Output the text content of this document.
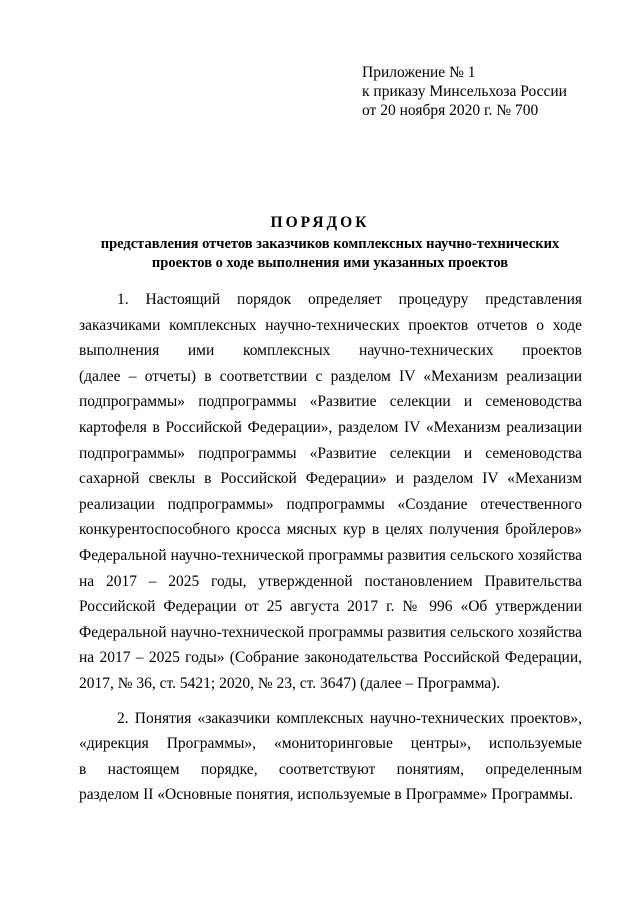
Приложение № 1
к приказу Минсельхоза России
от 20 ноября 2020 г. № 700
ПОРЯДОК
представления отчетов заказчиков комплексных научно-технических
проектов о ходе выполнения ими указанных проектов
1. Настоящий порядок определяет процедуру представления
заказчиками комплексных научно-технических проектов отчетов о ходе
выполнения ими комплексных научно-технических проектов
(далее – отчеты) в соответствии с разделом IV «Механизм реализации
подпрограммы» подпрограммы «Развитие селекции и семеноводства
картофеля в Российской Федерации», разделом IV «Механизм реализации
подпрограммы» подпрограммы «Развитие селекции и семеноводства
сахарной свеклы в Российской Федерации» и разделом IV «Механизм
реализации подпрограммы» подпрограммы «Создание отечественного
конкурентоспособного кросса мясных кур в целях получения бройлеров»
Федеральной научно-технической программы развития сельского хозяйства
на 2017 – 2025 годы, утвержденной постановлением Правительства
Российской Федерации от 25 августа 2017 г. № 996 «Об утверждении
Федеральной научно-технической программы развития сельского хозяйства
на 2017 – 2025 годы» (Собрание законодательства Российской Федерации,
2017, № 36, ст. 5421; 2020, № 23, ст. 3647) (далее – Программа).
2. Понятия «заказчики комплексных научно-технических проектов»,
«дирекция Программы», «мониторинговые центры», используемые
в настоящем порядке, соответствуют понятиям, определенным
разделом II «Основные понятия, используемые в Программе» Программы.
